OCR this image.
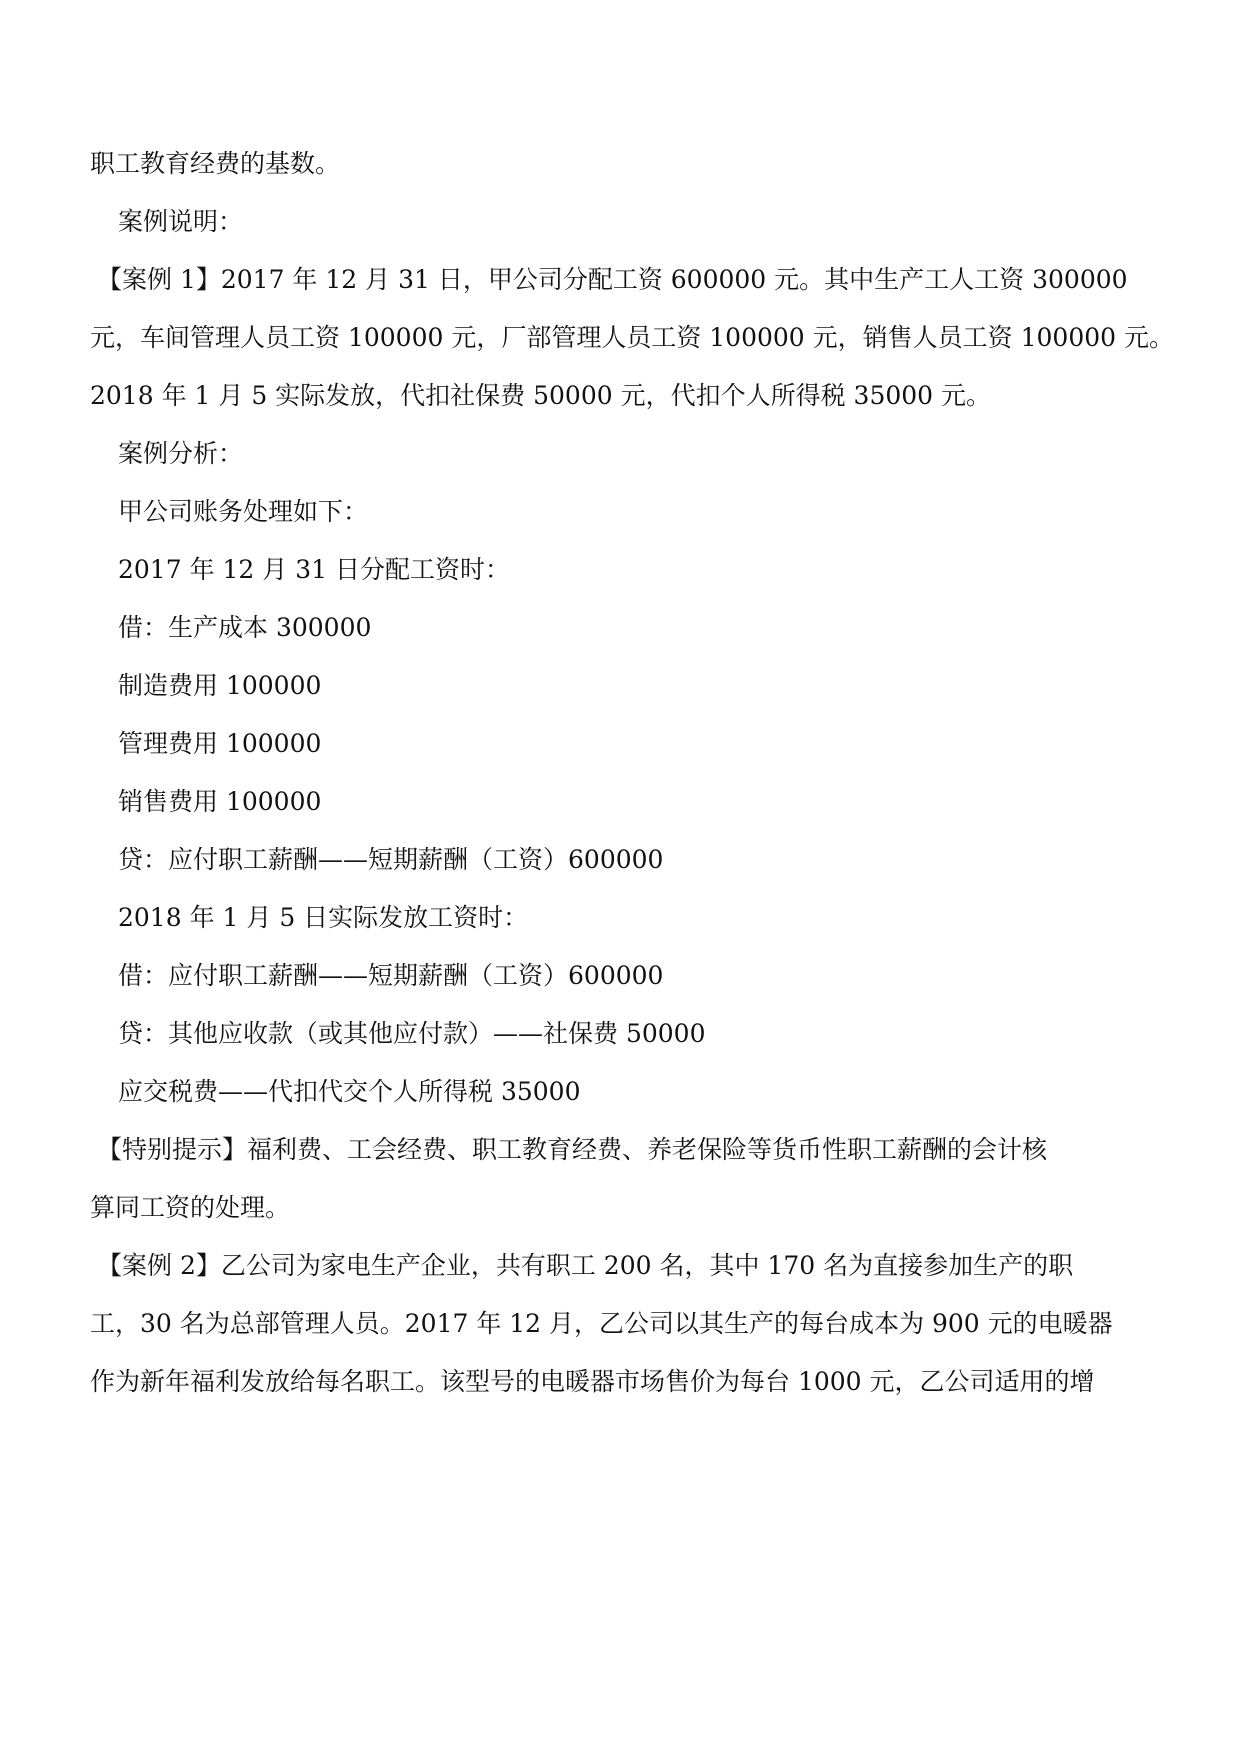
职工教育经费的基数。
案例说明：
【案例 1】2017 年 12 月 31 日，甲公司分配工资 600000 元。其中生产工人工资 300000
元，车间管理人员工资 100000 元，厂部管理人员工资 100000 元，销售人员工资 100000 元。
2018 年 1 月 5 实际发放，代扣社保费 50000 元，代扣个人所得税 35000 元。
案例分析：
甲公司账务处理如下：
2017 年 12 月 31 日分配工资时：
借：生产成本 300000
制造费用 100000
管理费用 100000
销售费用 100000
贷：应付职工薪酬——短期薪酬（工资）600000
2018 年 1 月 5 日实际发放工资时：
借：应付职工薪酬——短期薪酬（工资）600000
贷：其他应收款（或其他应付款）——社保费 50000
应交税费——代扣代交个人所得税 35000
【特别提示】福利费、工会经费、职工教育经费、养老保险等货币性职工薪酬的会计核
算同工资的处理。
【案例 2】乙公司为家电生产企业，共有职工 200 名，其中 170 名为直接参加生产的职
工，30 名为总部管理人员。2017 年 12 月，乙公司以其生产的每台成本为 900 元的电暖器
作为新年福利发放给每名职工。该型号的电暖器市场售价为每台 1000 元，乙公司适用的增
